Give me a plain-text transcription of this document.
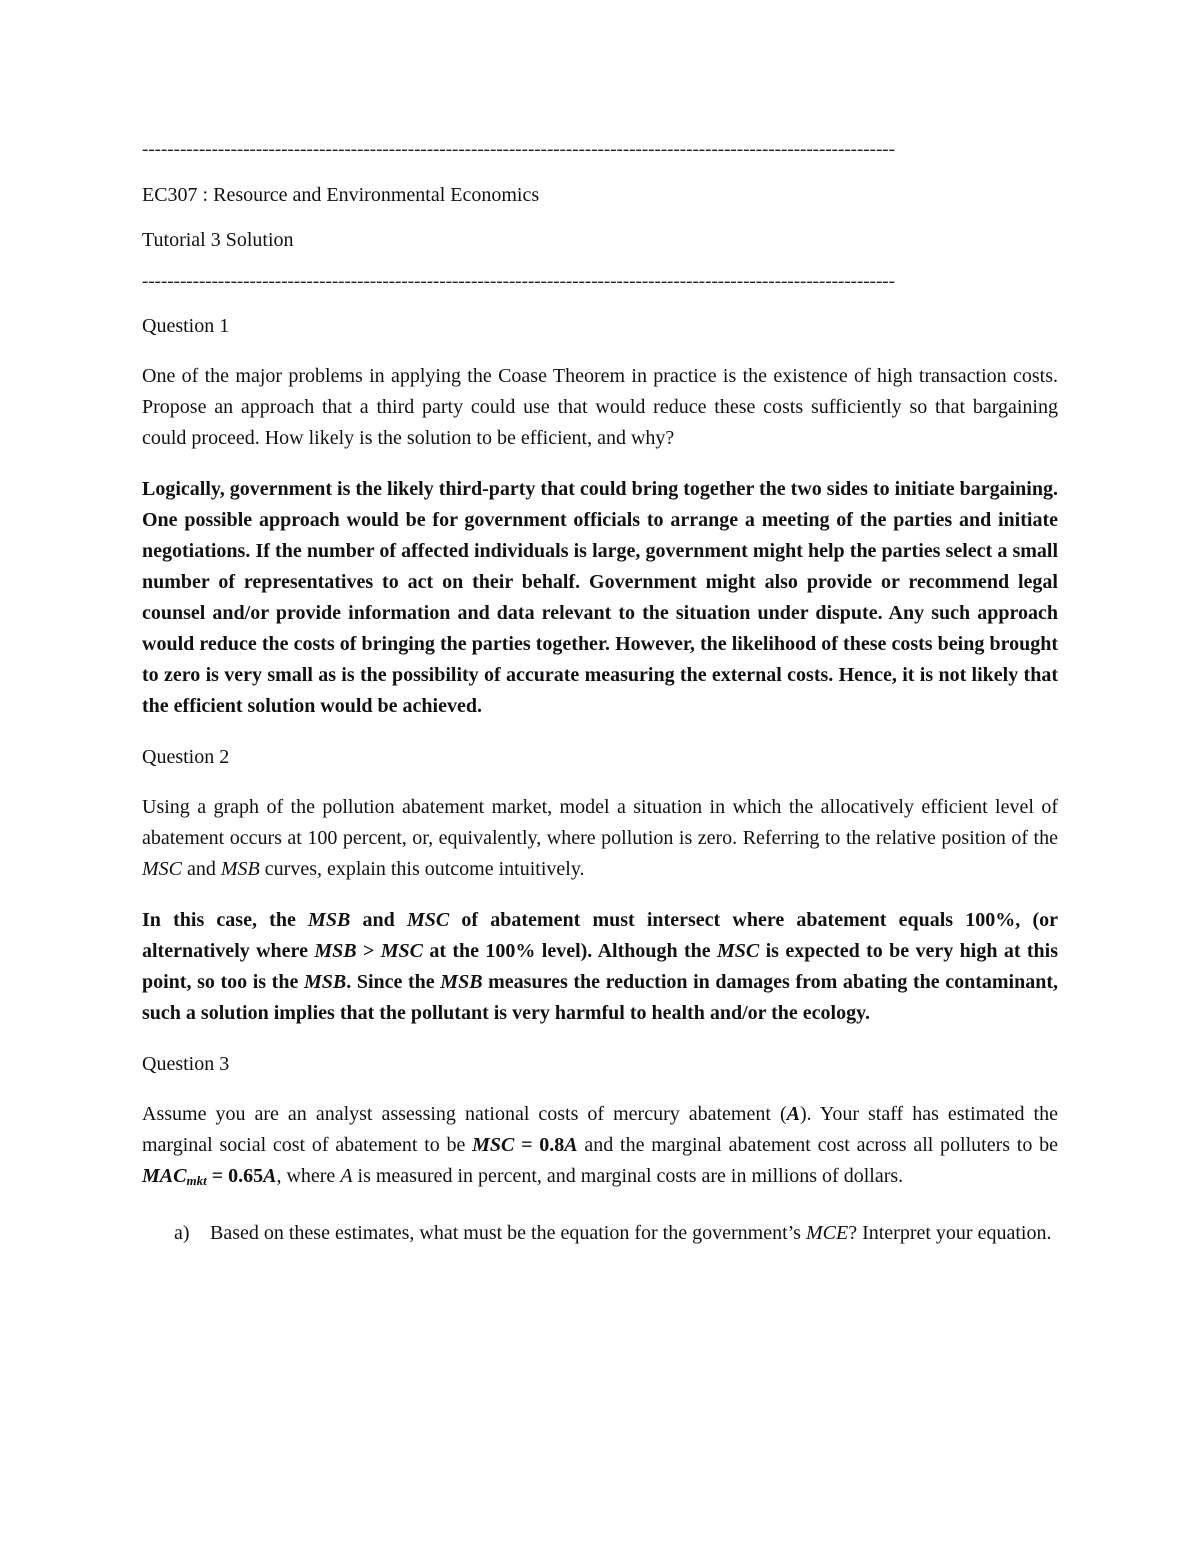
-----------------------------------------------------------------------------------------------------------------------

EC307 : Resource and Environmental Economics

Tutorial 3 Solution

-----------------------------------------------------------------------------------------------------------------------

Question 1

One of the major problems in applying the Coase Theorem in practice is the existence of high transaction costs. Propose an approach that a third party could use that would reduce these costs sufficiently so that bargaining could proceed. How likely is the solution to be efficient, and why?

Logically, government is the likely third-party that could bring together the two sides to initiate bargaining. One possible approach would be for government officials to arrange a meeting of the parties and initiate negotiations. If the number of affected individuals is large, government might help the parties select a small number of representatives to act on their behalf. Government might also provide or recommend legal counsel and/or provide information and data relevant to the situation under dispute. Any such approach would reduce the costs of bringing the parties together. However, the likelihood of these costs being brought to zero is very small as is the possibility of accurate measuring the external costs. Hence, it is not likely that the efficient solution would be achieved.

Question 2

Using a graph of the pollution abatement market, model a situation in which the allocatively efficient level of abatement occurs at 100 percent, or, equivalently, where pollution is zero. Referring to the relative position of the MSC and MSB curves, explain this outcome intuitively.

In this case, the MSB and MSC of abatement must intersect where abatement equals 100%, (or alternatively where MSB > MSC at the 100% level). Although the MSC is expected to be very high at this point, so too is the MSB. Since the MSB measures the reduction in damages from abating the contaminant, such a solution implies that the pollutant is very harmful to health and/or the ecology.

Question 3

Assume you are an analyst assessing national costs of mercury abatement (A). Your staff has estimated the marginal social cost of abatement to be MSC = 0.8A and the marginal abatement cost across all polluters to be $MAC_{mkt} = 0.65A$, where A is measured in percent, and marginal costs are in millions of dollars.

a) Based on these estimates, what must be the equation for the government’s MCE? Interpret your equation.
